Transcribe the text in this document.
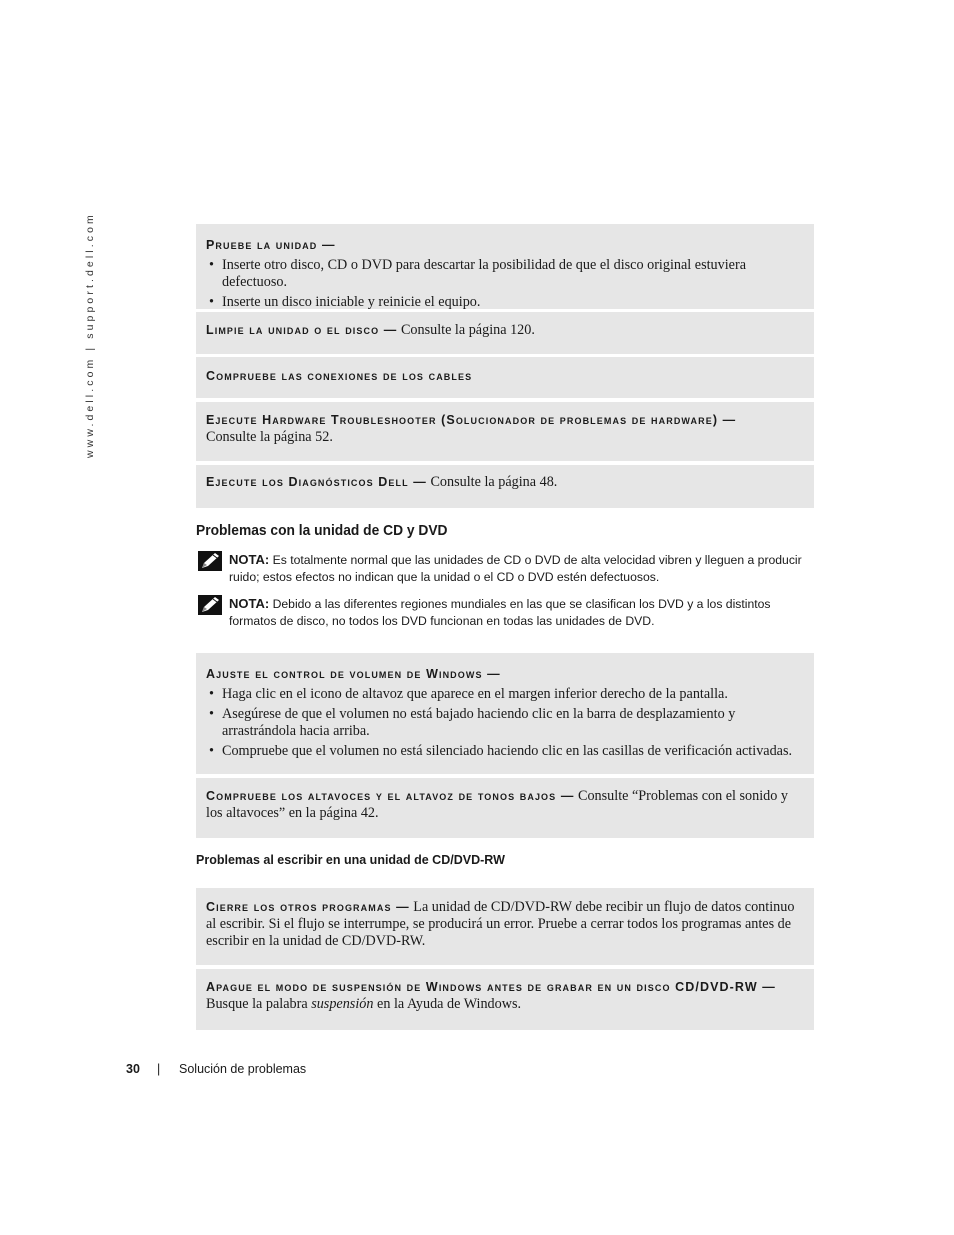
www.dell.com | support.dell.com	Pruebe la unidad —
• Inserte otro disco, CD o DVD para descartar la posibilidad de que el disco original estuviera defectuoso.
• Inserte un disco iniciable y reinicie el equipo.
Limpie la unidad o el disco — Consulte la página 120.
Compruebe las conexiones de los cables
Ejecute Hardware Troubleshooter (Solucionador de problemas de hardware) —
Consulte la página 52.
Ejecute los Diagnósticos Dell — Consulte la página 48.
Problemas con la unidad de CD y DVD
NOTA: Es totalmente normal que las unidades de CD o DVD de alta velocidad vibren y lleguen a producir ruido; estos efectos no indican que la unidad o el CD o DVD estén defectuosos.
NOTA: Debido a las diferentes regiones mundiales en las que se clasifican los DVD y a los distintos formatos de disco, no todos los DVD funcionan en todas las unidades de DVD.
Ajuste el control de volumen de Windows —
• Haga clic en el icono de altavoz que aparece en el margen inferior derecho de la pantalla.
• Asegúrese de que el volumen no está bajado haciendo clic en la barra de desplazamiento y arrastrándola hacia arriba.
• Compruebe que el volumen no está silenciado haciendo clic en las casillas de verificación activadas.
Compruebe los altavoces y el altavoz de tonos bajos — Consulte “Problemas con el sonido y los altavoces” en la página 42.
Problemas al escribir en una unidad de CD/DVD-RW
Cierre los otros programas — La unidad de CD/DVD-RW debe recibir un flujo de datos continuo al escribir. Si el flujo se interrumpe, se producirá un error. Pruebe a cerrar todos los programas antes de escribir en la unidad de CD/DVD-RW.
Apague el modo de suspensión de Windows antes de grabar en un disco CD/DVD-RW — Busque la palabra suspensión en la Ayuda de Windows.
30 | Solución de problemas
